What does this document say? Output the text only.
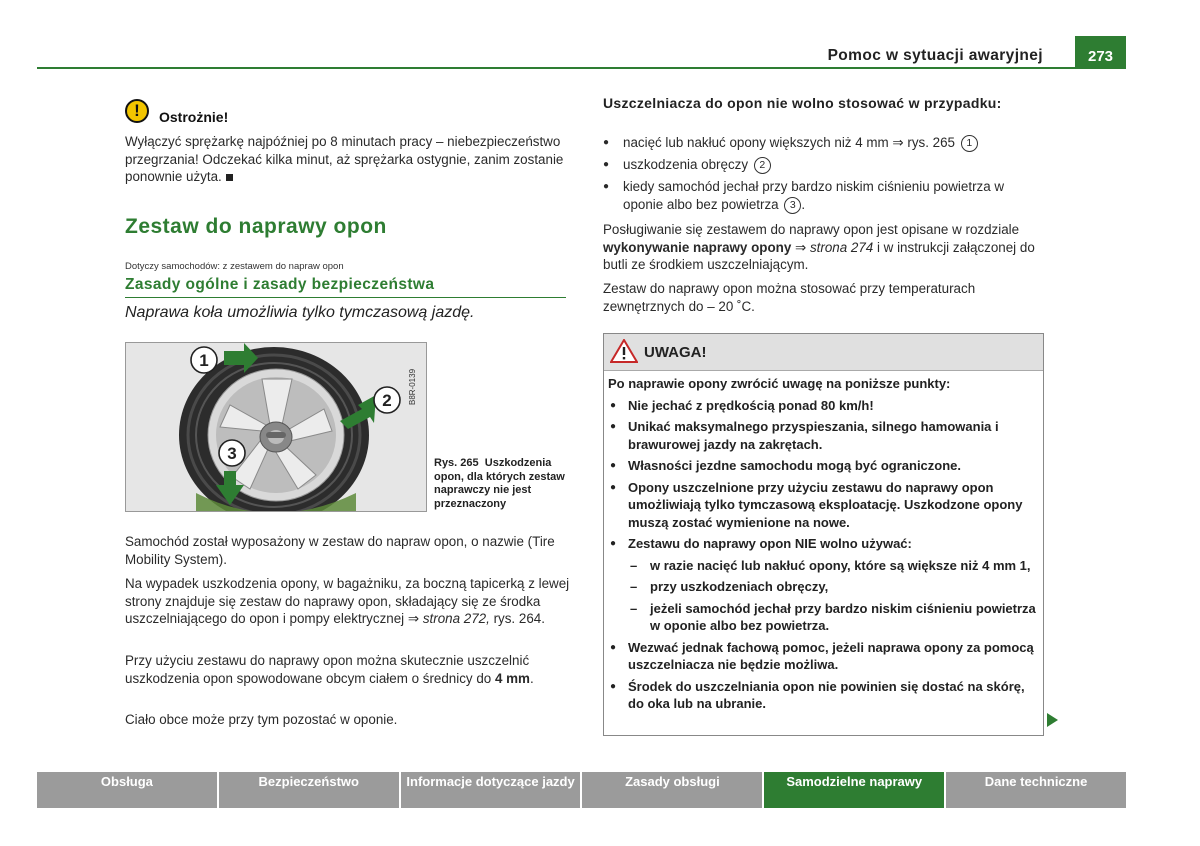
Pomoc w sytuacji awaryjnej	273
!	Ostrożnie!
Wyłączyć sprężarkę najpóźniej po 8 minutach pracy – niebezpieczeństwo przegrzania! Odczekać kilka minut, aż sprężarka ostygnie, zanim zostanie ponownie użyta.
Zestaw do naprawy opon
Dotyczy samochodów: z zestawem do napraw opon
Zasady ogólne i zasady bezpieczeństwa
Naprawa koła umożliwia tylko tymczasową jazdę.
1
2
3
B8R-0139
Rys. 265 Uszkodzenia opon, dla których zestaw naprawczy nie jest przeznaczony

Samochód został wyposażony w zestaw do napraw opon, o nazwie (Tire Mobility System).

Na wypadek uszkodzenia opony, w bagażniku, za boczną tapicerką z lewej strony znajduje się zestaw do naprawy opon, składający się ze środka uszczelniającego do opon i pompy elektrycznej ⇒ strona 272, rys. 264.

Przy użyciu zestawu do naprawy opon można skutecznie uszczelnić uszkodzenia opon spowodowane obcym ciałem o średnicy do 4 mm.

Ciało obce może przy tym pozostać w oponie.

Uszczelniacza do opon nie wolno stosować w przypadku:
● nacięć lub nakłuć opony większych niż 4 mm ⇒ rys. 265 1
● uszkodzenia obręczy 2
● kiedy samochód jechał przy bardzo niskim ciśnieniu powietrza w oponie albo bez powietrza 3 .

Posługiwanie się zestawem do naprawy opon jest opisane w rozdziale wykonywanie naprawy opony ⇒ strona 274 i w instrukcji załączonej do butli ze środkiem uszczelniającym.

Zestaw do naprawy opon można stosować przy temperaturach zewnętrznych do – 20 ˚C.

UWAGA!
Po naprawie opony zwrócić uwagę na poniższe punkty:
● Nie jechać z prędkością ponad 80 km/h!
● Unikać maksymalnego przyspieszania, silnego hamowania i brawurowej jazdy na zakrętach.
● Własności jezdne samochodu mogą być ograniczone.
● Opony uszczelnione przy użyciu zestawu do naprawy opon umożliwiają tylko tymczasową eksploatację. Uszkodzone opony muszą zostać wymienione na nowe.
● Zestawu do naprawy opon NIE wolno używać:
– w razie nacięć lub nakłuć opony, które są większe niż 4 mm 1,
– przy uszkodzeniach obręczy,
– jeżeli samochód jechał przy bardzo niskim ciśnieniu powietrza w oponie albo bez powietrza.
● Wezwać jednak fachową pomoc, jeżeli naprawa opony za pomocą uszczelniacza nie będzie możliwa.
● Środek do uszczelniania opon nie powinien się dostać na skórę, do oka lub na ubranie.
Obsługa	Bezpieczeństwo	Informacje dotyczące jazdy	Zasady obsługi	Samodzielne naprawy	Dane techniczne
